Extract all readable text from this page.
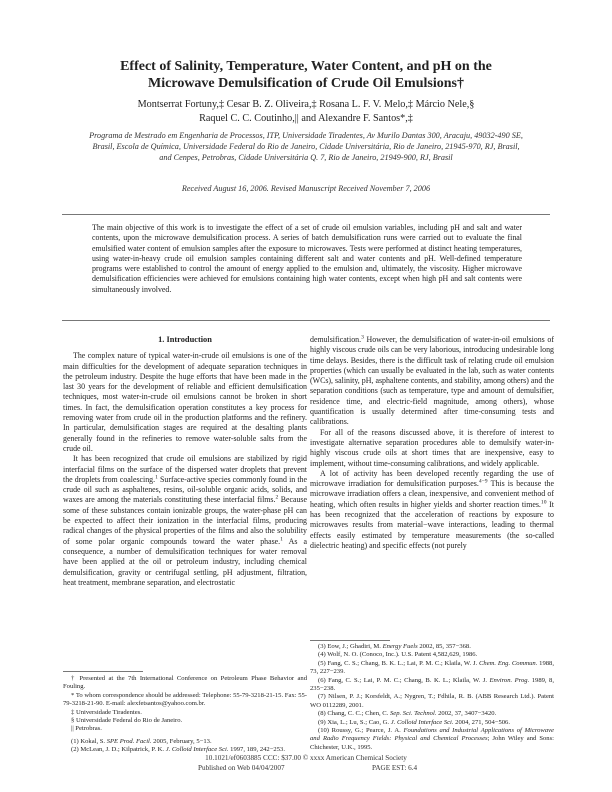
Effect of Salinity, Temperature, Water Content, and pH on the
Microwave Demulsification of Crude Oil Emulsions†
Montserrat Fortuny,‡ Cesar B. Z. Oliveira,‡ Rosana L. F. V. Melo,‡ Márcio Nele,§
Raquel C. C. Coutinho,|| and Alexandre F. Santos*,‡
Programa de Mestrado em Engenharia de Processos, ITP, Universidade Tiradentes, Av Murilo Dantas 300, Aracaju, 49032-490 SE, Brasil, Escola de Química, Universidade Federal do Rio de Janeiro, Cidade Universitária, Rio de Janeiro, 21945-970, RJ, Brasil, and Cenpes, Petrobras, Cidade Universitária Q. 7, Rio de Janeiro, 21949-900, RJ, Brasil
Received August 16, 2006. Revised Manuscript Received November 7, 2006
The main objective of this work is to investigate the effect of a set of crude oil emulsion variables, including pH and salt and water contents, upon the microwave demulsification process. A series of batch demulsification runs were carried out to evaluate the final emulsified water content of emulsion samples after the exposure to microwaves. Tests were performed at distinct heating temperatures, using water-in-heavy crude oil emulsion samples containing different salt and water contents and pH. Well-defined temperature programs were established to control the amount of energy applied to the emulsion and, ultimately, the viscosity. Higher microwave demulsification efficiencies were achieved for emulsions containing high water contents, except when high pH and salt contents were simultaneously involved.
1. Introduction

The complex nature of typical water-in-crude oil emulsions is one of the main difficulties for the development of adequate separation techniques in the petroleum industry. Despite the huge efforts that have been made in the last 30 years for the development of reliable and efficient demulsification techniques, most water-in-crude oil emulsions cannot be broken in short times. In fact, the demulsification operation constitutes a key process for removing water from crude oil in the production platforms and the refinery. In particular, demulsification stages are required at the desalting plants generally found in the refineries to remove water-soluble salts from the crude oil.

It has been recognized that crude oil emulsions are stabilized by rigid interfacial films on the surface of the dispersed water droplets that prevent the droplets from coalescing.$^1$ Surface-active species commonly found in the crude oil such as asphaltenes, resins, oil-soluble organic acids, solids, and waxes are among the materials constituting these interfacial films.$^2$ Because some of these substances contain ionizable groups, the water-phase pH can be expected to affect their ionization in the interfacial films, producing radical changes of the physical properties of the films and also the solubility of some polar organic compounds toward the water phase.$^1$ As a consequence, a number of demulsification techniques for water removal have been applied at the oil or petroleum industry, including chemical demulsification, gravity or centrifugal settling, pH adjustment, filtration, heat treatment, membrane separation, and electrostatic

demulsification.$^3$ However, the demulsification of water-in-oil emulsions of highly viscous crude oils can be very laborious, introducing undesirable long time delays. Besides, there is the difficult task of relating crude oil emulsion properties (which can usually be evaluated in the lab, such as water contents (WCs), salinity, pH, asphaltene contents, and stability, among others) and the separation conditions (such as temperature, type and amount of demulsifier, residence time, and electric-field magnitude, among others), whose quantification is usually determined after time-consuming tests and calibrations.

For all of the reasons discussed above, it is therefore of interest to investigate alternative separation procedures able to demulsify water-in-highly viscous crude oils at short times that are inexpensive, easy to implement, without time-consuming calibrations, and widely applicable.

A lot of activity has been developed recently regarding the use of microwave irradiation for demulsification purposes.$^{4-9}$ This is because the microwave irradiation offers a clean, inexpensive, and convenient method of heating, which often results in higher yields and shorter reaction times.$^{10}$ It has been recognized that the acceleration of reactions by exposure to microwaves results from material−wave interactions, leading to thermal effects easily estimated by temperature measurements (the so-called dielectric heating) and specific effects (not purely

† Presented at the 7th International Conference on Petroleum Phase Behavior and Fouling.
* To whom correspondence should be addressed: Telephone: 55-79-3218-21-15. Fax: 55-79-3218-21-90. E-mail: alexfetsantos@yahoo.com.br.
‡ Universidade Tiradentes.
§ Universidade Federal do Rio de Janeiro.
|| Petrobras.
(1) Kokal, S. SPE Prod. Facil. 2005, February, 5−13.
(2) McLean, J. D.; Kilpatrick, P. K. J. Colloid Interface Sci. 1997, 189, 242−253.
(3) Eow, J.; Ghadiri, M. Energy Fuels 2002, 85, 357−368.
(4) Wolf, N. O. (Conoco, Inc.). U.S. Patent 4,582,629, 1986.
(5) Fang, C. S.; Chang, B. K. L.; Lai, P. M. C.; Klaila, W. J. Chem. Eng. Commun. 1988, 73, 227−239.
(6) Fang, C. S.; Lai, P. M. C.; Chang, B. K. L.; Klaila, W. J. Environ. Prog. 1989, 8, 235−238.
(7) Nilsen, P. J.; Korsfeldt, A.; Nygren, T.; Fdhila, R. B. (ABB Research Ltd.). Patent WO 0112289, 2001.
(8) Chang, C. C.; Chen, C. Sep. Sci. Technol. 2002, 37, 3407−3420.
(9) Xia, L.; Lu, S.; Cao, G. J. Colloid Interface Sci. 2004, 271, 504−506.
(10) Roussy, G.; Pearce, J. A. Foundations and Industrial Applications of Microwave and Radio Frequency Fields: Physical and Chemical Processes; John Wiley and Sons: Chichester, U.K., 1995.
10.1021/ef0603885 CCC: $37.00 © xxxx American Chemical Society
Published on Web 04/04/2007	PAGE EST: 6.4
